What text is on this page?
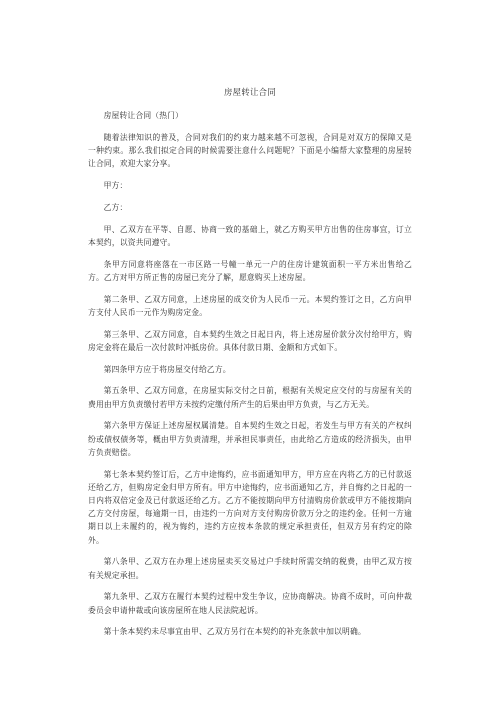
房屋转让合同

房屋转让合同（热门）

随着法律知识的普及，合同对我们的约束力越来越不可忽视，合同是对双方的保障又是一种约束。那么我们拟定合同的时候需要注意什么问题呢？下面是小编帮大家整理的房屋转让合同，欢迎大家分享。

甲方：

乙方：

甲、乙双方在平等、自愿、协商一致的基础上，就乙方购买甲方出售的住房事宜，订立本契约，以资共同遵守。

条甲方同意将座落在一市区路一号幢一单元一户的住房计建筑面积一平方米出售给乙方。乙方对甲方所正售的房屋已充分了解，愿意购买上述房屋。

第二条甲、乙双方同意，上述房屋的成交价为人民币一元。本契约签订之日，乙方向甲方支付人民币一元作为购房定金。

第三条甲、乙双方同意，自本契约生效之日起日内，将上述房屋价款分次付给甲方，购房定金将在最后一次付款时冲抵房价。具体付款日期、金额和方式如下。

第四条甲方应于将房屋交付给乙方。

第五条甲、乙双方同意，在房屋实际交付之日前，根据有关规定应交付的与房屋有关的费用由甲方负责缴付若甲方未按约定缴付所产生的后果由甲方负责，与乙方无关。

第六条甲方保证上述房屋权属清楚。自本契约生效之日起，若发生与甲方有关的产权纠纷或债权债务等，概由甲方负责清理，并承担民事责任，由此给乙方造成的经济损失，由甲方负责赔偿。

第七条本契约签订后，乙方中途悔约，应书面通知甲方，甲方应在内将乙方的已付款返还给乙方，但购房定金归甲方所有。甲方中途悔约，应书面通知乙方，并自悔约之日起的一日内将双倍定金及已付款返还给乙方。乙方不能按期向甲方付清购房价款或甲方不能按期向乙方交付房屋，每逾期一日，由违约一方向对方支付购房价款万分之的违约金。任何一方逾期日以上未履约的，视为悔约，违约方应按本条款的规定承担责任，但双方另有约定的除外。

第八条甲、乙双方在办理上述房屋卖买交易过户手续时所需交纳的税费，由甲乙双方按有关规定承担。

第九条甲、乙双方在履行本契约过程中发生争议，应协商解决。协商不成时，可向仲裁委员会申请仲裁或向该房屋所在地人民法院起诉。

第十条本契约未尽事宜由甲、乙双方另行在本契约的补充条款中加以明确。
